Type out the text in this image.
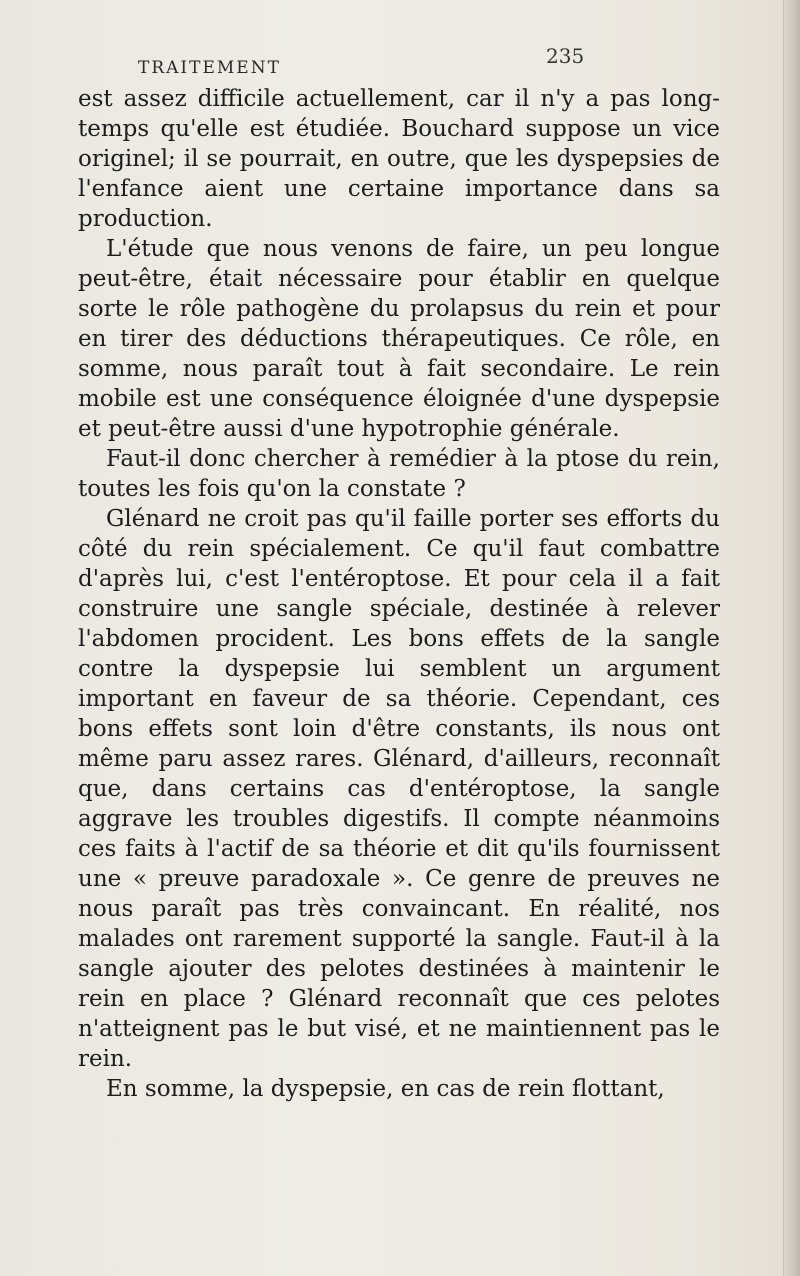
TRAITEMENT	235

est assez difficile actuellement, car il n'y a pas long-temps qu'elle est étudiée. Bouchard suppose un vice originel; il se pourrait, en outre, que les dyspepsies de l'enfance aient une certaine importance dans sa production.

L'étude que nous venons de faire, un peu longue peut-être, était nécessaire pour établir en quelque sorte le rôle pathogène du prolapsus du rein et pour en tirer des déductions thérapeutiques. Ce rôle, en somme, nous paraît tout à fait secondaire. Le rein mobile est une conséquence éloignée d'une dyspepsie et peut-être aussi d'une hypotrophie générale.

Faut-il donc chercher à remédier à la ptose du rein, toutes les fois qu'on la constate ?

Glénard ne croit pas qu'il faille porter ses efforts du côté du rein spécialement. Ce qu'il faut combattre d'après lui, c'est l'entéroptose. Et pour cela il a fait construire une sangle spéciale, destinée à relever l'abdomen procident. Les bons effets de la sangle contre la dyspepsie lui semblent un argument important en faveur de sa théorie. Cependant, ces bons effets sont loin d'être constants, ils nous ont même paru assez rares. Glénard, d'ailleurs, reconnaît que, dans certains cas d'entéroptose, la sangle aggrave les troubles digestifs. Il compte néanmoins ces faits à l'actif de sa théorie et dit qu'ils fournissent une « preuve paradoxale ». Ce genre de preuves ne nous paraît pas très convaincant. En réalité, nos malades ont rarement supporté la sangle. Faut-il à la sangle ajouter des pelotes destinées à maintenir le rein en place ? Glénard reconnaît que ces pelotes n'atteignent pas le but visé, et ne maintiennent pas le rein.

En somme, la dyspepsie, en cas de rein flottant,
